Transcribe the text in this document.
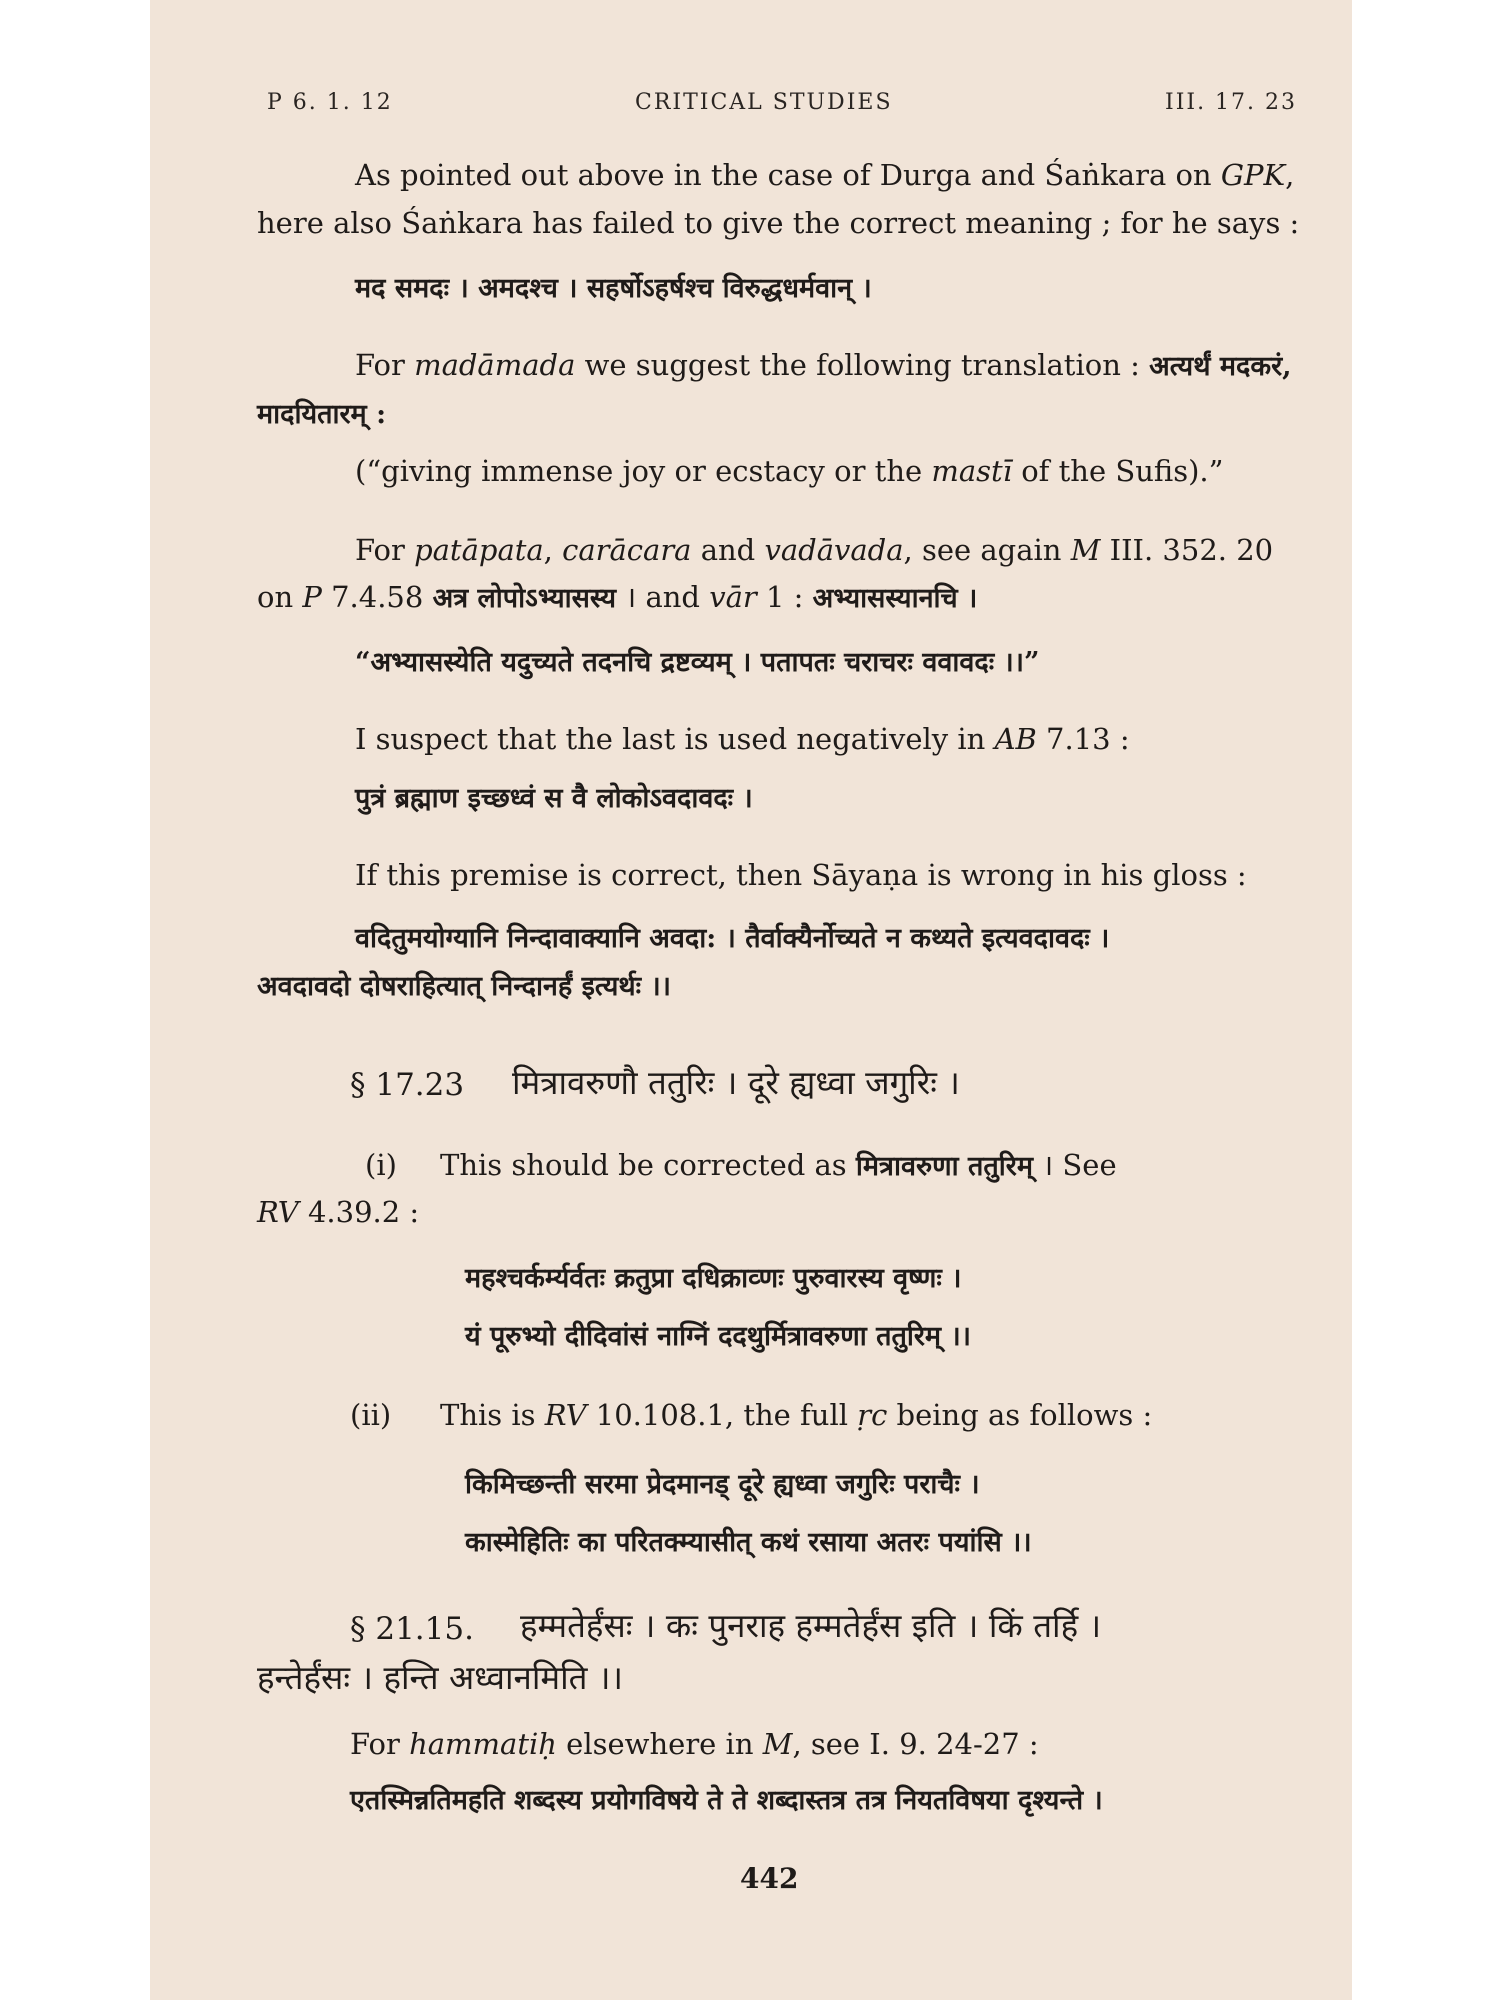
P 6. 1. 12	CRITICAL STUDIES	III. 17. 23
As pointed out above in the case of Durga and Śaṅkara on GPK,
here also Śaṅkara has failed to give the correct meaning ; for he says :
मद समदः । अमदश्च । सहर्षोऽहर्षश्च विरुद्धधर्मवान् ।
For madāmada we suggest the following translation : अत्यर्थं मदकरं,
मादयितारम् :
(“giving immense joy or ecstacy or the mastī of the Sufis).”
For patāpata, carācara and vadāvada, see again M III. 352. 20
on P 7.4.58 अत्र लोपोऽभ्यासस्य । and vār 1 : अभ्यासस्यानचि ।
“अभ्यासस्येति यदुच्यते तदनचि द्रष्टव्यम् । पतापतः चराचरः ववावदः ।।”
I suspect that the last is used negatively in AB 7.13 :
पुत्रं ब्रह्माण इच्छध्वं स वै लोकोऽवदावदः ।
If this premise is correct, then Sāyaṇa is wrong in his gloss :
वदितुमयोग्यानि निन्दावाक्यानि अवदा: । तैर्वाक्यैर्नोच्यते न कथ्यते इत्यवदावदः ।
अवदावदो दोषराहित्यात् निन्दानर्हं इत्यर्थः ।।
§ 17.23 मित्रावरुणौ ततुरिः । दूरे ह्यध्वा जगुरिः ।
(i) This should be corrected as मित्रावरुणा ततुरिम् । See
RV 4.39.2 :
महश्चर्कर्म्यर्वतः क्रतुप्रा दधिक्राव्णः पुरुवारस्य वृष्णः ।
यं पूरुभ्यो दीदिवांसं नाग्निं ददथुर्मित्रावरुणा ततुरिम् ।।
(ii) This is RV 10.108.1, the full ṛc being as follows :
किमिच्छन्ती सरमा प्रेदमानड् दूरे ह्यध्वा जगुरिः पराचैः ।
कास्मेहितिः का परितक्म्यासीत् कथं रसाया अतरः पयांसि ।।
§ 21.15. हम्मतेर्हंसः । कः पुनराह हम्मतेर्हंस इति । किं तर्हि ।
हन्तेर्हंसः । हन्ति अध्वानमिति ।।
For hammatiḥ elsewhere in M, see I. 9. 24-27 :
एतस्मिन्नतिमहति शब्दस्य प्रयोगविषये ते ते शब्दास्तत्र तत्र नियतविषया दृश्यन्ते ।
442
